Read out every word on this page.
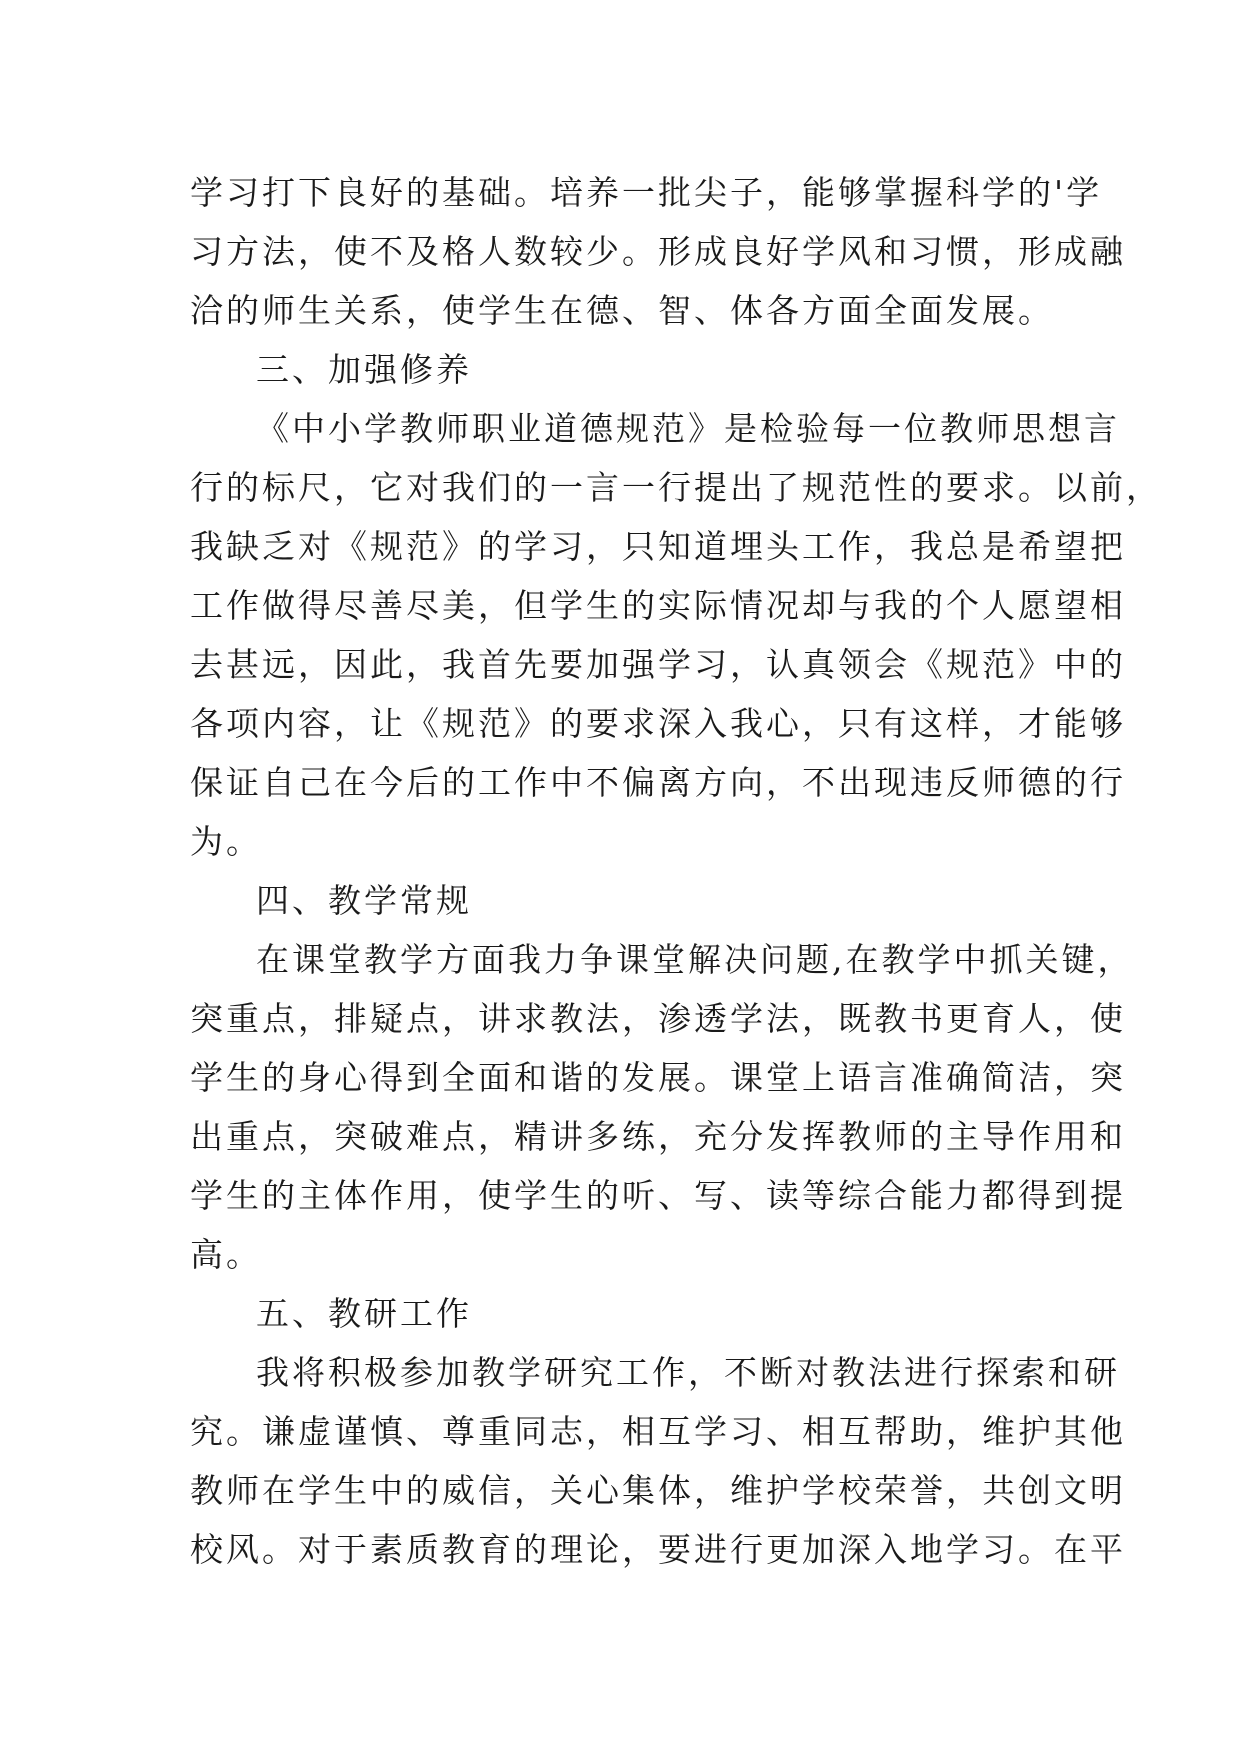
学习打下良好的基础。培养一批尖子，能够掌握科学的'学
习方法，使不及格人数较少。形成良好学风和习惯，形成融
洽的师生关系，使学生在德、智、体各方面全面发展。
三、加强修养
《中小学教师职业道德规范》是检验每一位教师思想言
行的标尺，它对我们的一言一行提出了规范性的要求。以前，
我缺乏对《规范》的学习，只知道埋头工作，我总是希望把
工作做得尽善尽美，但学生的实际情况却与我的个人愿望相
去甚远，因此，我首先要加强学习，认真领会《规范》中的
各项内容，让《规范》的要求深入我心，只有这样，才能够
保证自己在今后的工作中不偏离方向，不出现违反师德的行
为。
四、教学常规
在课堂教学方面我力争课堂解决问题,在教学中抓关键，
突重点，排疑点，讲求教法，渗透学法，既教书更育人，使
学生的身心得到全面和谐的发展。课堂上语言准确简洁，突
出重点，突破难点，精讲多练，充分发挥教师的主导作用和
学生的主体作用，使学生的听、写、读等综合能力都得到提
高。
五、教研工作
我将积极参加教学研究工作，不断对教法进行探索和研
究。谦虚谨慎、尊重同志，相互学习、相互帮助，维护其他
教师在学生中的威信，关心集体，维护学校荣誉，共创文明
校风。对于素质教育的理论，要进行更加深入地学习。在平
